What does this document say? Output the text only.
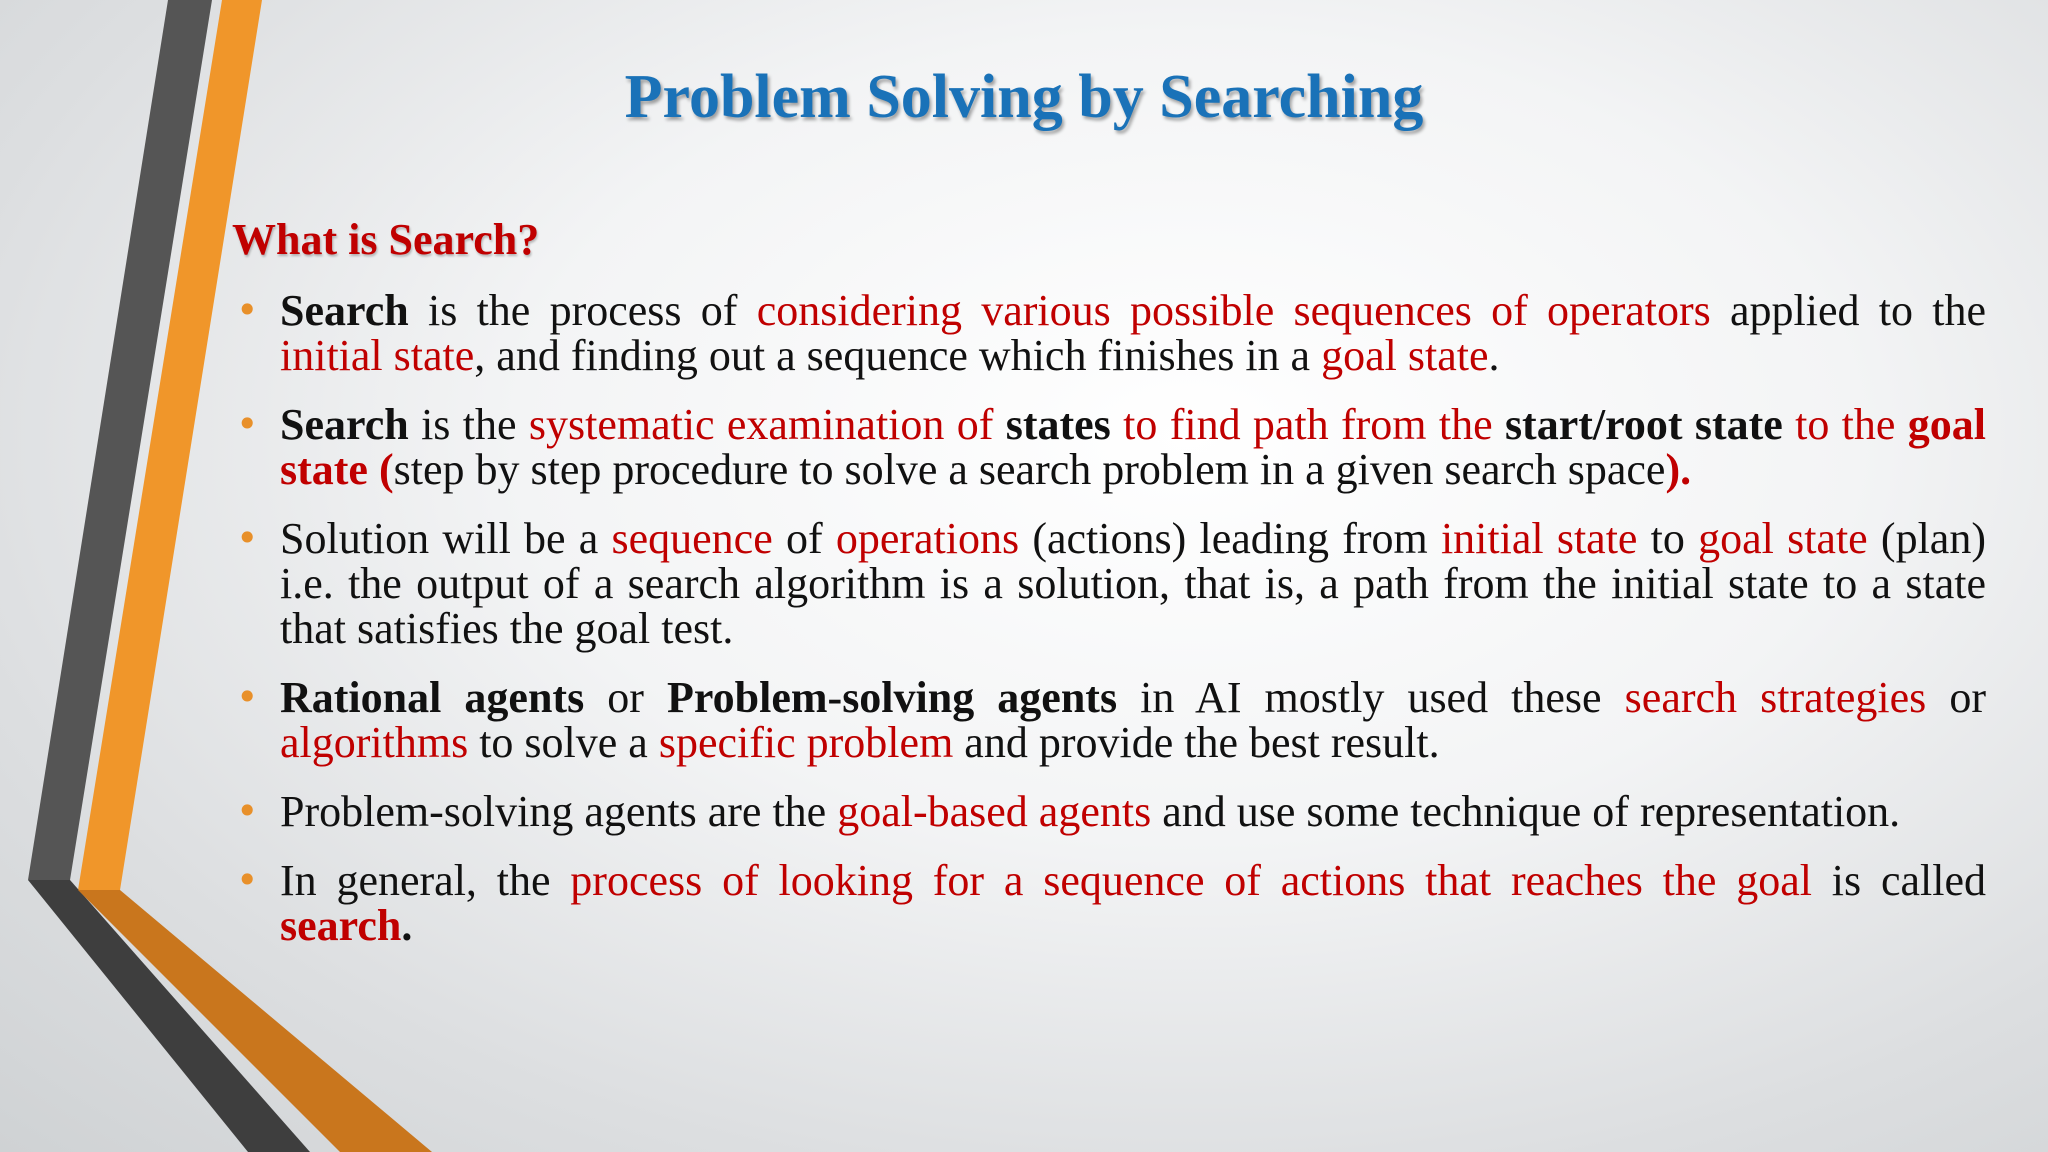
Problem Solving by Searching
What is Search?
• Search is the process of considering various possible sequences of operators applied to the initial state, and finding out a sequence which finishes in a goal state.
• Search is the systematic examination of states to find path from the start/root state to the goal state (step by step procedure to solve a search problem in a given search space).
• Solution will be a sequence of operations (actions) leading from initial state to goal state (plan) i.e. the output of a search algorithm is a solution, that is, a path from the initial state to a state that satisfies the goal test.
• Rational agents or Problem-solving agents in AI mostly used these search strategies or algorithms to solve a specific problem and provide the best result.
• Problem-solving agents are the goal-based agents and use some technique of representation.
• In general, the process of looking for a sequence of actions that reaches the goal is called search.
